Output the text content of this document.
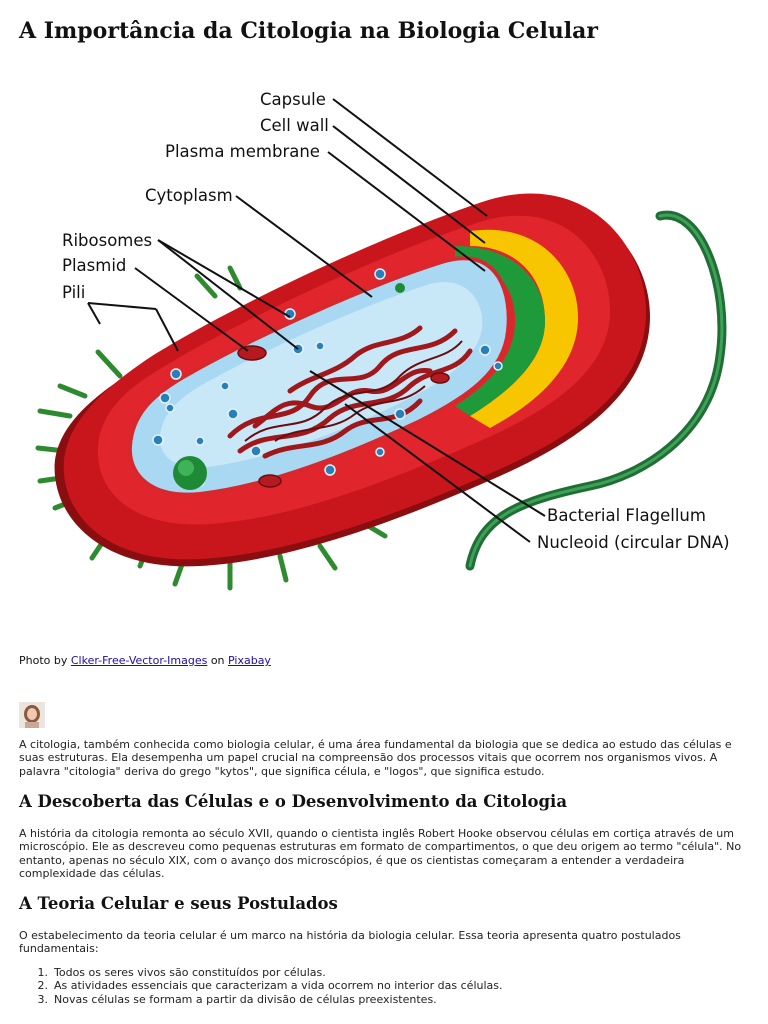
A Importância da Citologia na Biologia Celular
Capsule
Cell wall
Plasma membrane
Cytoplasm
Ribosomes
Plasmid
Pili
Bacterial Flagellum
Nucleoid (circular DNA)
Photo by Clker-Free-Vector-Images on Pixabay

A citologia, também conhecida como biologia celular, é uma área fundamental da biologia que se dedica ao estudo das células e suas estruturas. Ela desempenha um papel crucial na compreensão dos processos vitais que ocorrem nos organismos vivos. A palavra "citologia" deriva do grego "kytos", que significa célula, e "logos", que significa estudo.

A Descoberta das Células e o Desenvolvimento da Citologia

A história da citologia remonta ao século XVII, quando o cientista inglês Robert Hooke observou células em cortiça através de um microscópio. Ele as descreveu como pequenas estruturas em formato de compartimentos, o que deu origem ao termo "célula". No entanto, apenas no século XIX, com o avanço dos microscópios, é que os cientistas começaram a entender a verdadeira complexidade das células.

A Teoria Celular e seus Postulados

O estabelecimento da teoria celular é um marco na história da biologia celular. Essa teoria apresenta quatro postulados fundamentais:

1. Todos os seres vivos são constituídos por células.
2. As atividades essenciais que caracterizam a vida ocorrem no interior das células.
3. Novas células se formam a partir da divisão de células preexistentes.
